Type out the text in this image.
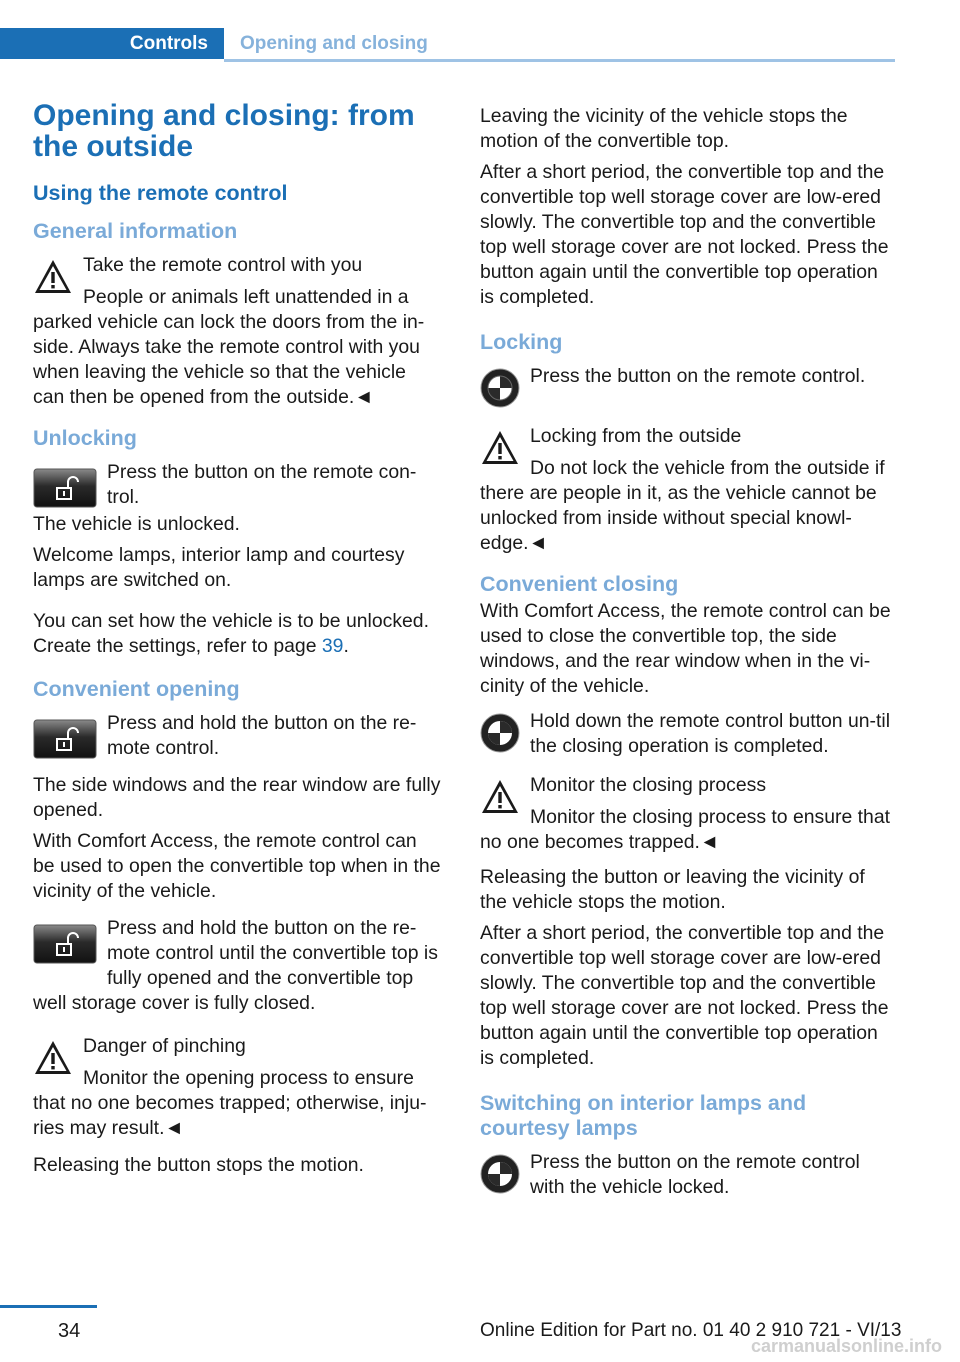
Controls	Opening and closing
Opening and closing: from the outside
Using the remote control
General information
Take the remote control with you
People or animals left unattended in a parked vehicle can lock the doors from the in-side. Always take the remote control with you when leaving the vehicle so that the vehicle can then be opened from the outside.◄
Unlocking
Press the button on the remote con-trol.
The vehicle is unlocked.
Welcome lamps, interior lamp and courtesy lamps are switched on.
You can set how the vehicle is to be unlocked. Create the settings, refer to page 39.
Convenient opening
Press and hold the button on the re-mote control.
The side windows and the rear window are fully opened.
With Comfort Access, the remote control can be used to open the convertible top when in the vicinity of the vehicle.
Press and hold the button on the re-mote control until the convertible top is fully opened and the convertible top well storage cover is fully closed.
Danger of pinching
Monitor the opening process to ensure that no one becomes trapped; otherwise, inju-ries may result.◄
Releasing the button stops the motion.
Leaving the vicinity of the vehicle stops the motion of the convertible top.
After a short period, the convertible top and the convertible top well storage cover are low-ered slowly. The convertible top and the convertible top well storage cover are not locked. Press the button again until the convertible top operation is completed.
Locking
Press the button on the remote control.
Locking from the outside
Do not lock the vehicle from the outside if there are people in it, as the vehicle cannot be unlocked from inside without special knowl-edge.◄
Convenient closing
With Comfort Access, the remote control can be used to close the convertible top, the side windows, and the rear window when in the vi-cinity of the vehicle.
Hold down the remote control button un-til the closing operation is completed.
Monitor the closing process
Monitor the closing process to ensure that no one becomes trapped.◄
Releasing the button or leaving the vicinity of the vehicle stops the motion.
After a short period, the convertible top and the convertible top well storage cover are low-ered slowly. The convertible top and the convertible top well storage cover are not locked. Press the button again until the convertible top operation is completed.
Switching on interior lamps and courtesy lamps
Press the button on the remote control with the vehicle locked.
34	Online Edition for Part no. 01 40 2 910 721 - VI/13
carmanualsonline.info
